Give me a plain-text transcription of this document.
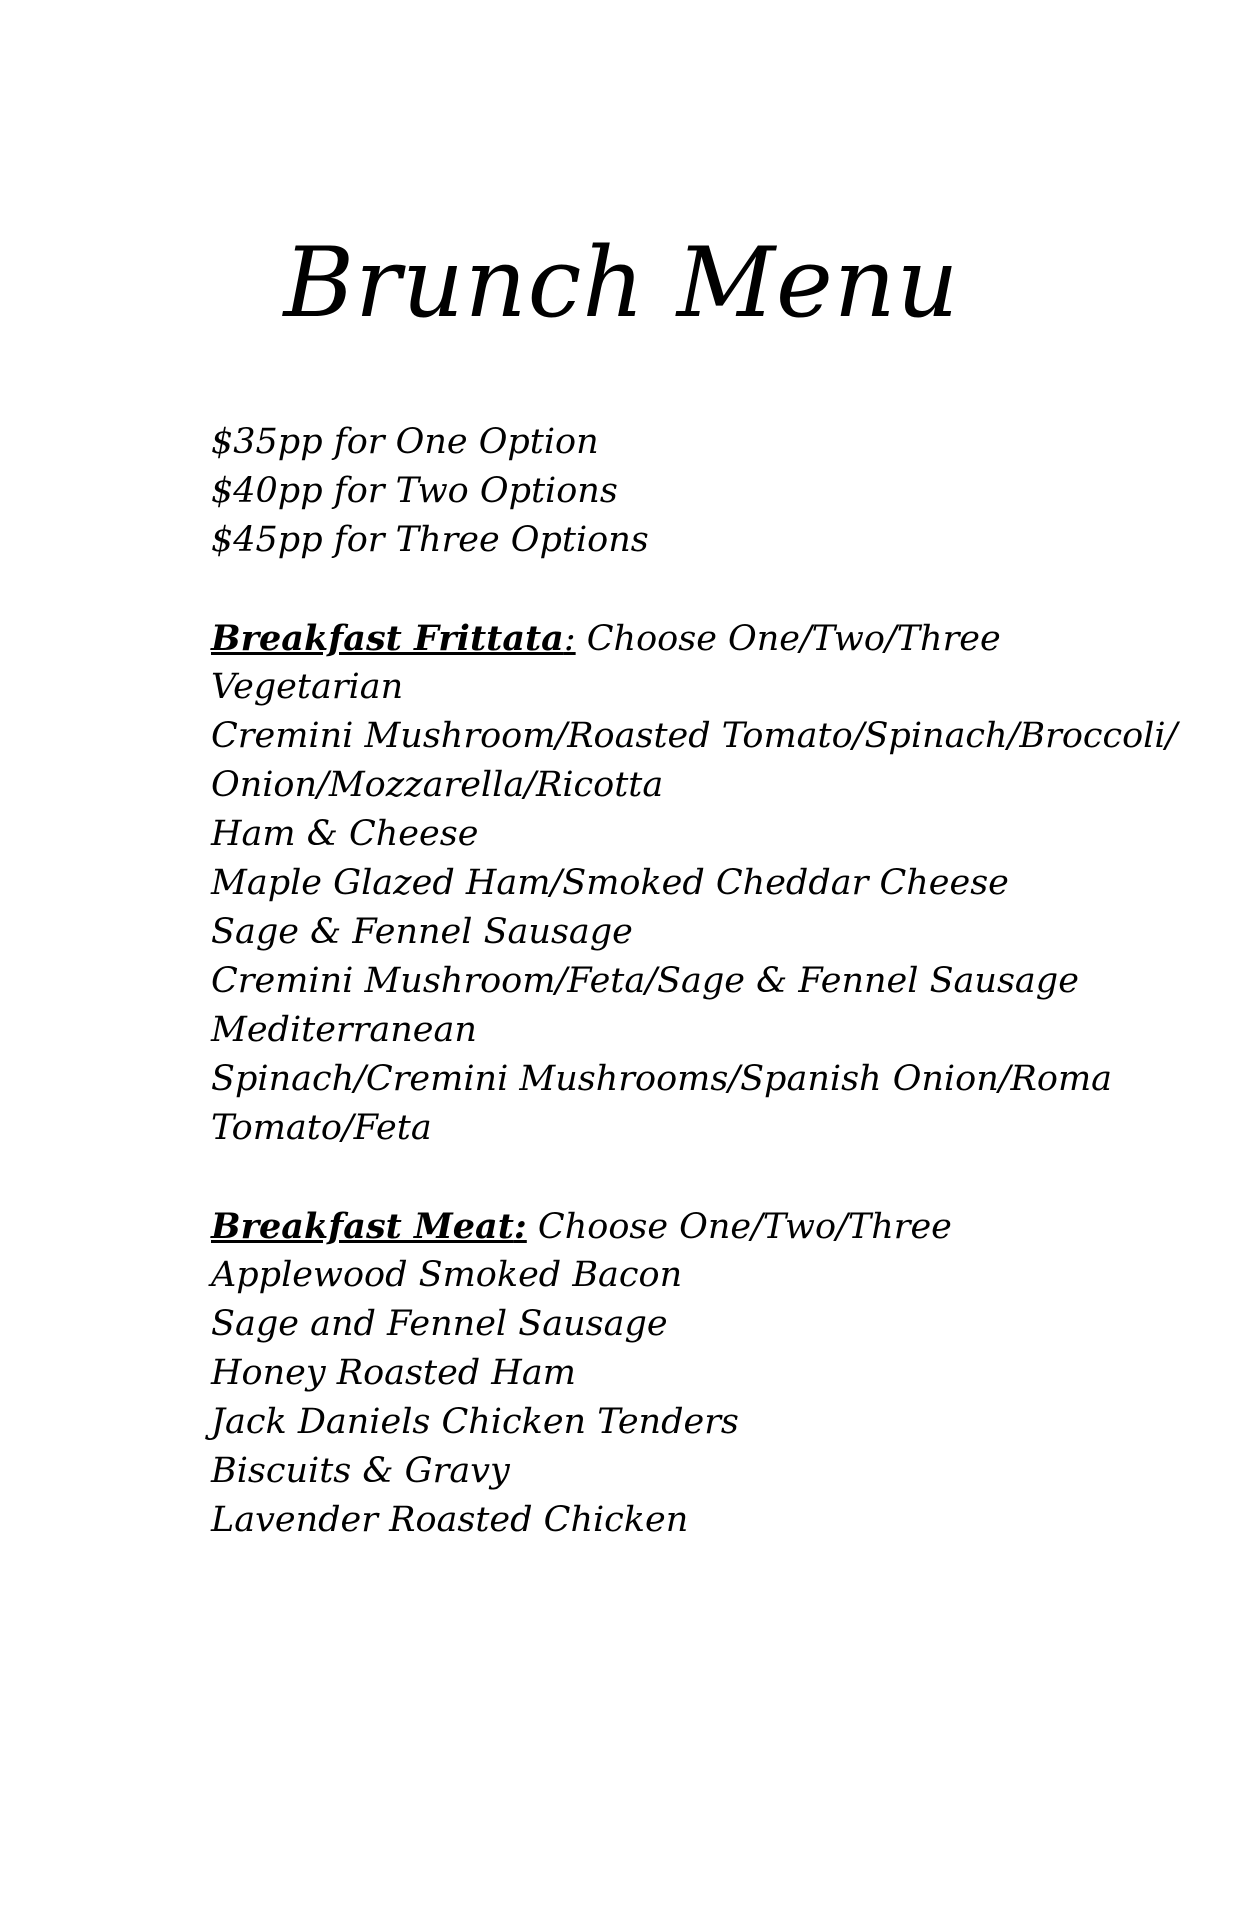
Brunch Menu
$35pp for One Option
$40pp for Two Options
$45pp for Three Options
Breakfast Frittata: Choose One/Two/Three
Vegetarian
Cremini Mushroom/Roasted Tomato/Spinach/Broccoli/
Onion/Mozzarella/Ricotta
Ham & Cheese
Maple Glazed Ham/Smoked Cheddar Cheese
Sage & Fennel Sausage
Cremini Mushroom/Feta/Sage & Fennel Sausage
Mediterranean
Spinach/Cremini Mushrooms/Spanish Onion/Roma
Tomato/Feta
Breakfast Meat: Choose One/Two/Three
Applewood Smoked Bacon
Sage and Fennel Sausage
Honey Roasted Ham
Jack Daniels Chicken Tenders
Biscuits & Gravy
Lavender Roasted Chicken
